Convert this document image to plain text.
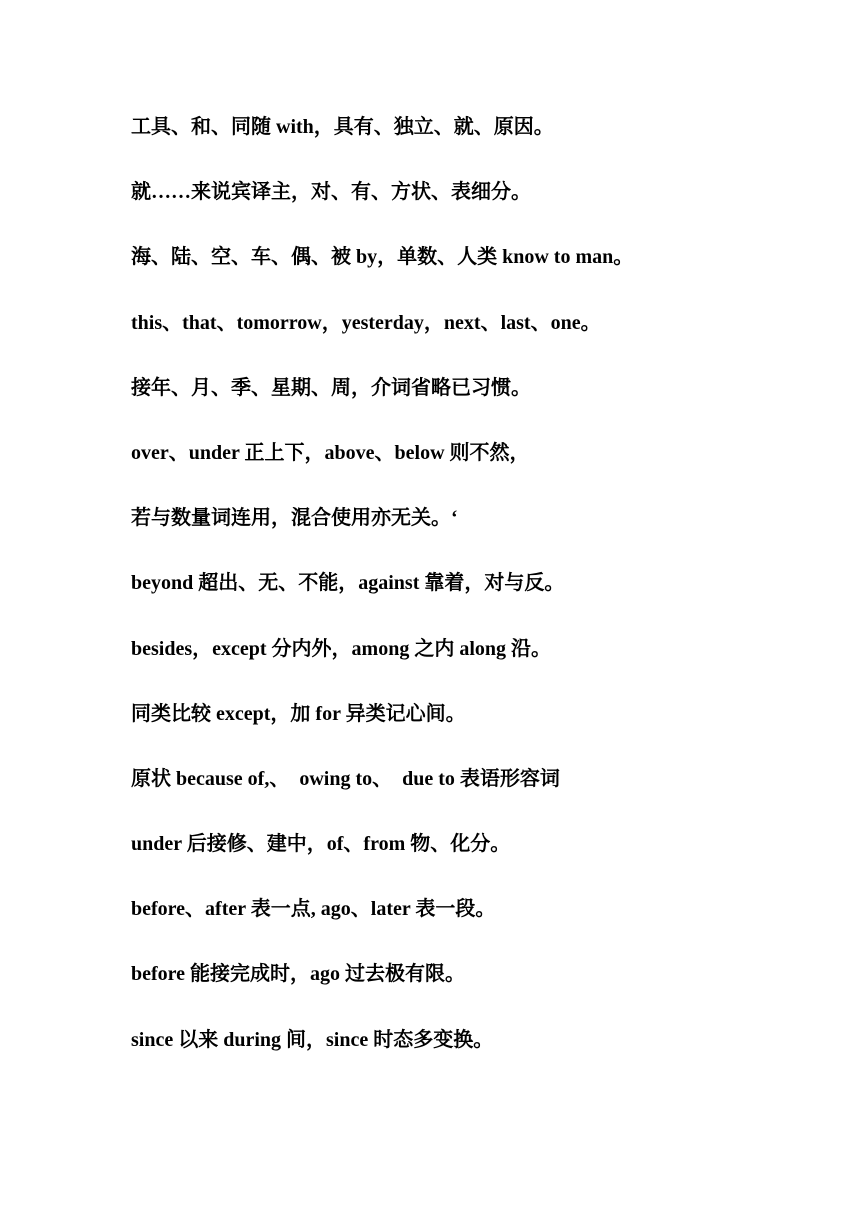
工具、和、同随 with，具有、独立、就、原因。
就……来说宾译主，对、有、方状、表细分。
海、陆、空、车、偶、被 by，单数、人类 know to man。
this、that、tomorrow，yesterday，next、last、one。
接年、月、季、星期、周，介词省略已习惯。
over、under 正上下，above、below 则不然，
若与数量词连用，混合使用亦无关。‘
beyond 超出、无、不能，against 靠着，对与反。
besides，except 分内外，among 之内 along 沿。
同类比较 except，加 for 异类记心间。
原状 because of,、  owing to、  due to 表语形容词
under 后接修、建中，of、from 物、化分。
before、after 表一点, ago、later 表一段。
before 能接完成时，ago 过去极有限。
since 以来 during 间，since 时态多变换。
